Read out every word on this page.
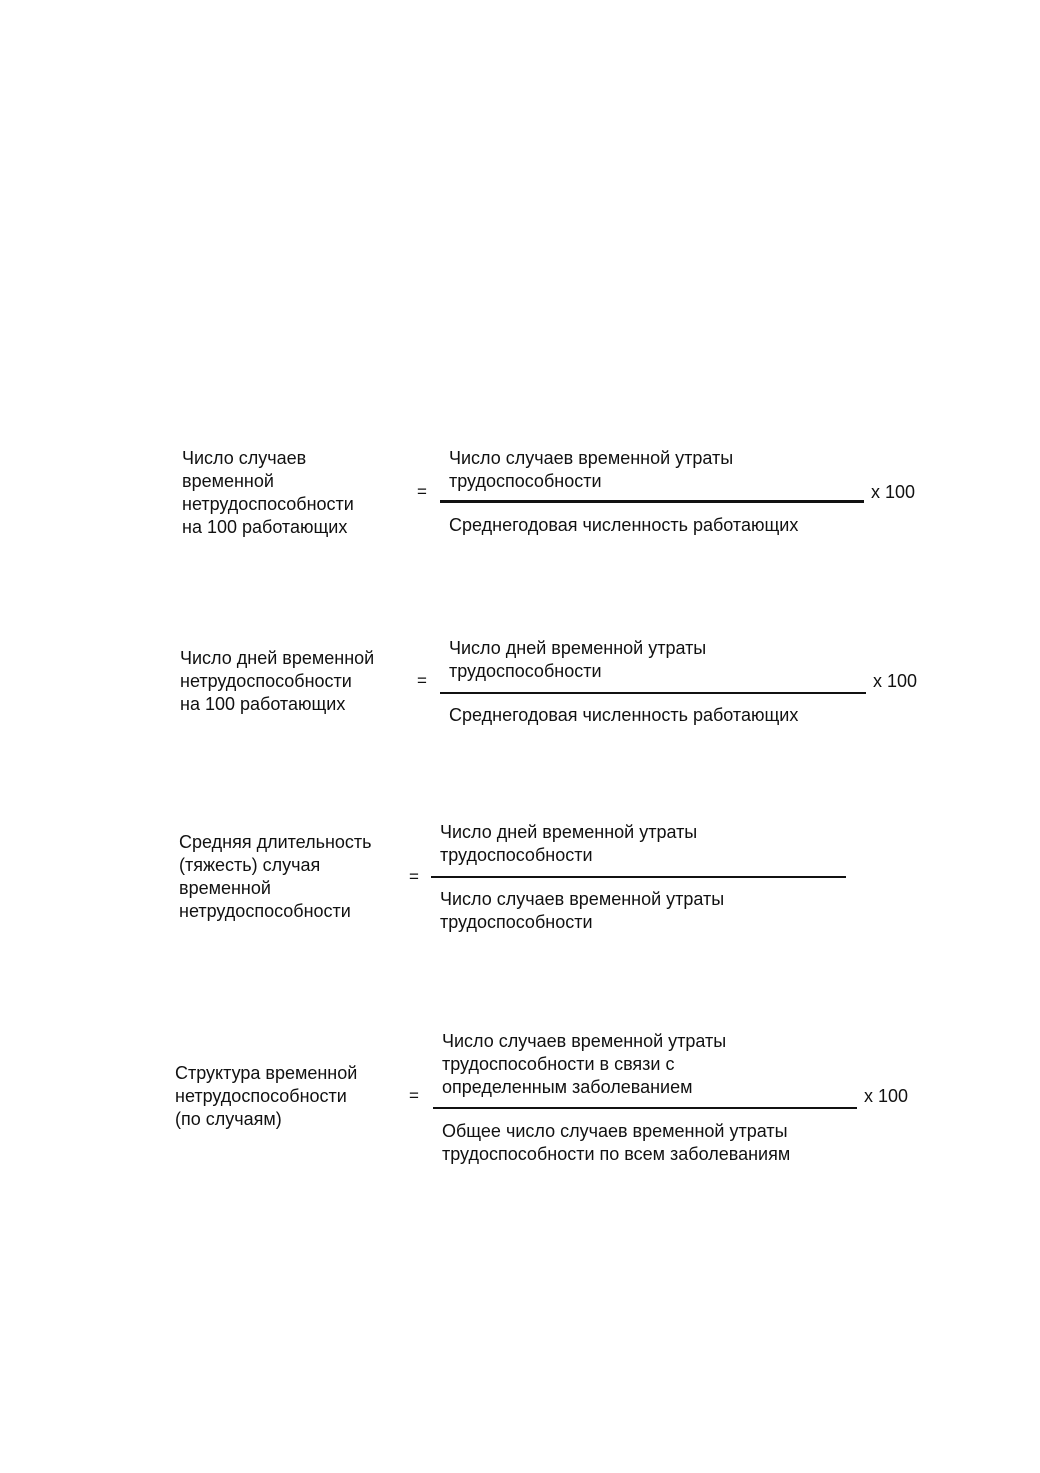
Число случаев
временной
нетрудоспособности
на 100 работающих
=
Число случаев временной утраты
трудоспособности
Среднегодовая численность работающих
х 100
Число дней временной
нетрудоспособности
на 100 работающих
=
Число дней временной утраты
трудоспособности
Среднегодовая численность работающих
х 100
Средняя длительность
(тяжесть) случая
временной
нетрудоспособности
=
Число дней временной утраты
трудоспособности
Число случаев временной утраты
трудоспособности
Структура временной
нетрудоспособности
(по случаям)
=
Число случаев временной утраты
трудоспособности в связи с
определенным заболеванием
Общее число случаев временной утраты
трудоспособности по всем заболеваниям
х 100
